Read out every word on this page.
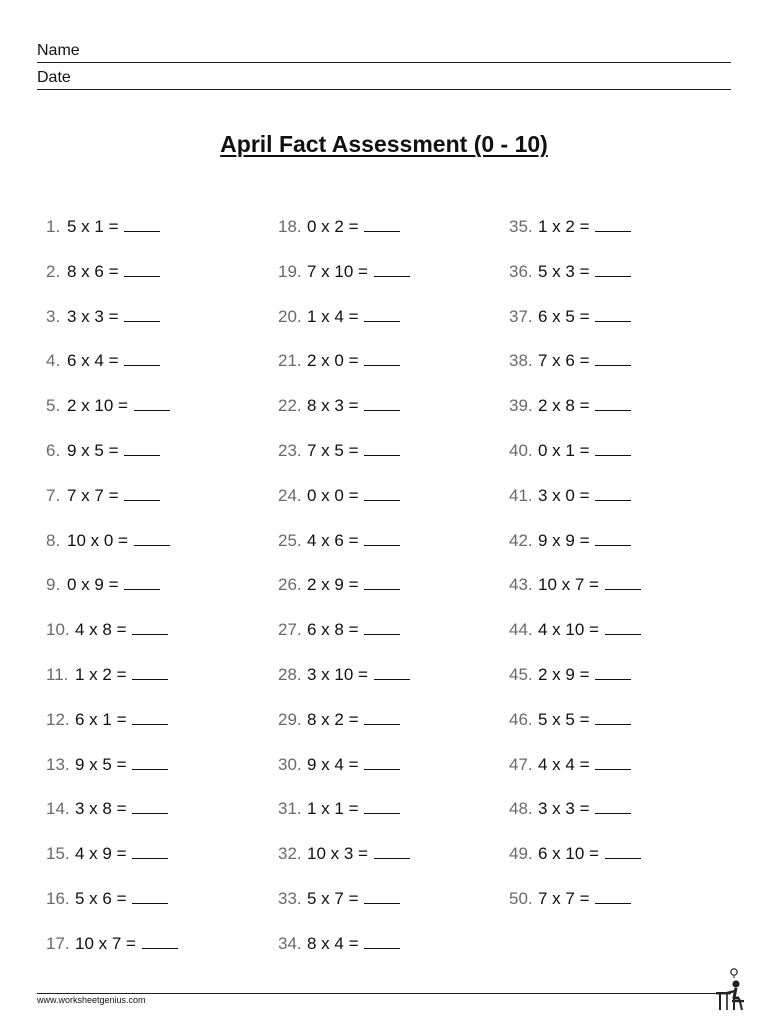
Name
Date
April Fact Assessment (0 - 10)
1. 5 x 1 =
2. 8 x 6 =
3. 3 x 3 =
4. 6 x 4 =
5. 2 x 10 =
6. 9 x 5 =
7. 7 x 7 =
8. 10 x 0 =
9. 0 x 9 =
10. 4 x 8 =
11. 1 x 2 =
12. 6 x 1 =
13. 9 x 5 =
14. 3 x 8 =
15. 4 x 9 =
16. 5 x 6 =
17. 10 x 7 =
18. 0 x 2 =
19. 7 x 10 =
20. 1 x 4 =
21. 2 x 0 =
22. 8 x 3 =
23. 7 x 5 =
24. 0 x 0 =
25. 4 x 6 =
26. 2 x 9 =
27. 6 x 8 =
28. 3 x 10 =
29. 8 x 2 =
30. 9 x 4 =
31. 1 x 1 =
32. 10 x 3 =
33. 5 x 7 =
34. 8 x 4 =
35. 1 x 2 =
36. 5 x 3 =
37. 6 x 5 =
38. 7 x 6 =
39. 2 x 8 =
40. 0 x 1 =
41. 3 x 0 =
42. 9 x 9 =
43. 10 x 7 =
44. 4 x 10 =
45. 2 x 9 =
46. 5 x 5 =
47. 4 x 4 =
48. 3 x 3 =
49. 6 x 10 =
50. 7 x 7 =
www.worksheetgenius.com
